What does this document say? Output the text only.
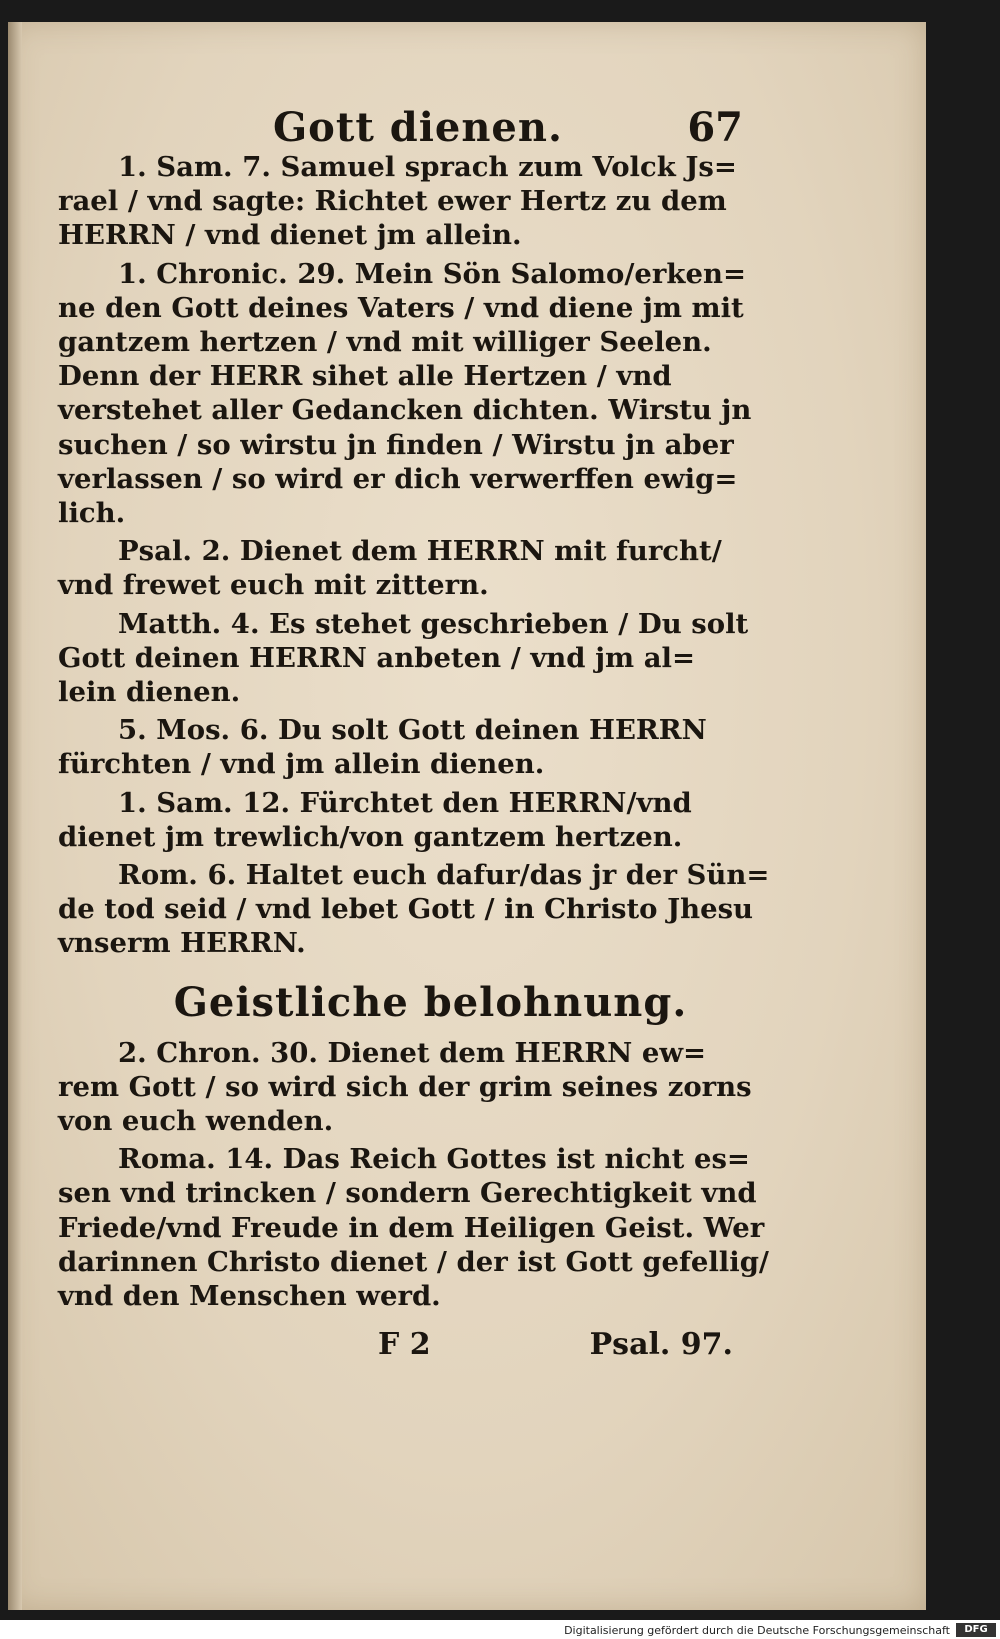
Gott dienen.	67

1. Sam. 7. Samuel sprach zum Volck Js=
rael / vnd sagte: Richtet ewer Hertz zu dem
HERRN / vnd dienet jm allein.

1. Chronic. 29. Mein Sön Salomo/erken=
ne den Gott deines Vaters / vnd diene jm mit
gantzem hertzen / vnd mit williger Seelen.
Denn der HERR sihet alle Hertzen / vnd
verstehet aller Gedancken dichten. Wirstu jn
suchen / so wirstu jn finden / Wirstu jn aber
verlassen / so wird er dich verwerffen ewig=
lich.

Psal. 2. Dienet dem HERRN mit furcht/
vnd frewet euch mit zittern.

Matth. 4. Es stehet geschrieben / Du solt
Gott deinen HERRN anbeten / vnd jm al=
lein dienen.

5. Mos. 6. Du solt Gott deinen HERRN
fürchten / vnd jm allein dienen.

1. Sam. 12. Fürchtet den HERRN/vnd
dienet jm trewlich/von gantzem hertzen.

Rom. 6. Haltet euch dafur/das jr der Sün=
de tod seid / vnd lebet Gott / in Christo Jhesu
vnserm HERRN.

Geistliche belohnung.

2. Chron. 30. Dienet dem HERRN ew=
rem Gott / so wird sich der grim seines zorns
von euch wenden.

Roma. 14. Das Reich Gottes ist nicht es=
sen vnd trincken / sondern Gerechtigkeit vnd
Friede/vnd Freude in dem Heiligen Geist. Wer
darinnen Christo dienet / der ist Gott gefellig/
vnd den Menschen werd.

F 2	Psal. 97.
Digitalisierung gefördert durch die Deutsche Forschungsgemeinschaft	DFG
